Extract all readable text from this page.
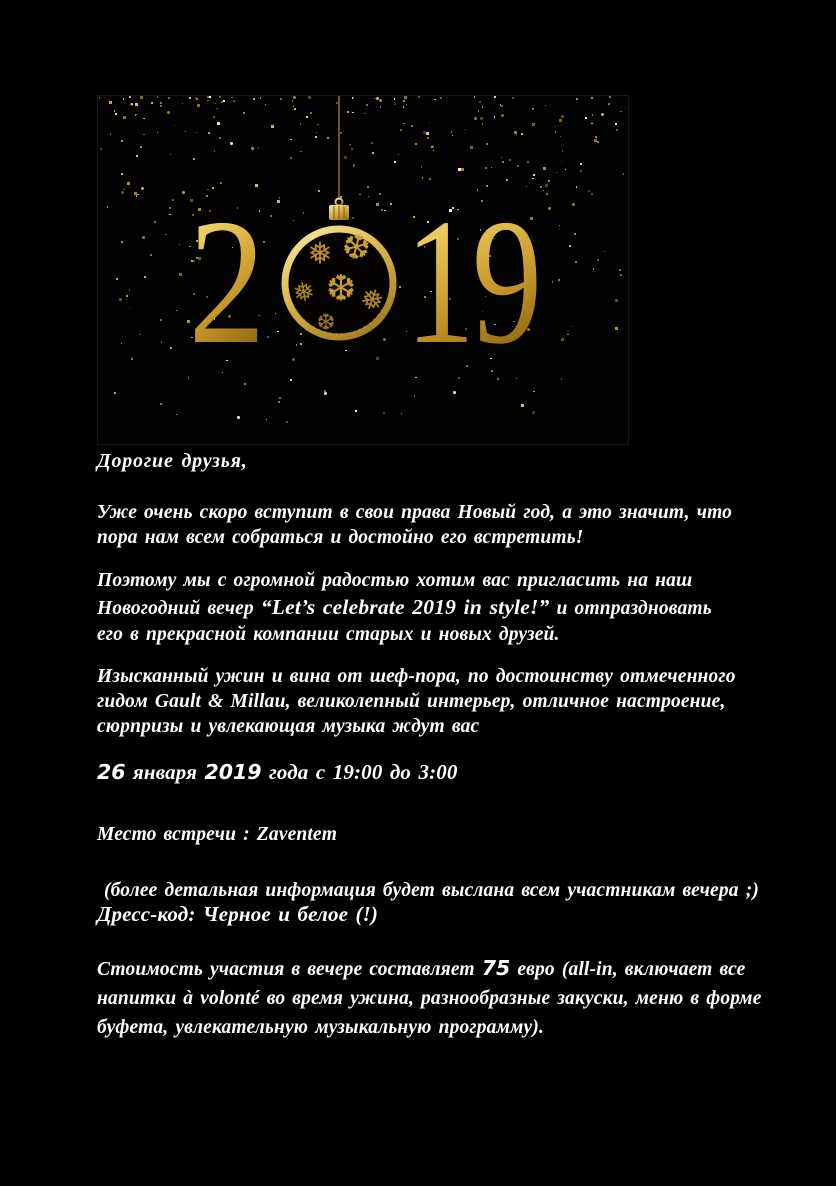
❅ ❆
❅ ❆ ❅
❆
2 19
Дорогие друзья,
Уже очень скоро вступит в свои права Новый год, а это значит, что
пора нам всем собраться и достойно его встретить!
Поэтому мы с огромной радостью хотим вас пригласить на наш
Новогодний вечер “Let’s celebrate 2019 in style!” и отпраздновать
его в прекрасной компании старых и новых друзей.
Изысканный ужин и вина от шеф-пора, по достоинству отмеченного
гидом Gault & Millau, великолепный интерьер, отличное настроение,
сюрпризы и увлекающая музыка ждут вас
26 января 2019 года с 19:00 до 3:00
Место встречи : Zaventem
(более детальная информация будет выслана всем участникам вечера ;)
Дресс-код: Черное и белое (!)
Стоимость участия в вечере составляет 75 евро (all-in, включает все
напитки à volonté во время ужина, разнообразные закуски, меню в форме
буфета, увлекательную музыкальную программу).
